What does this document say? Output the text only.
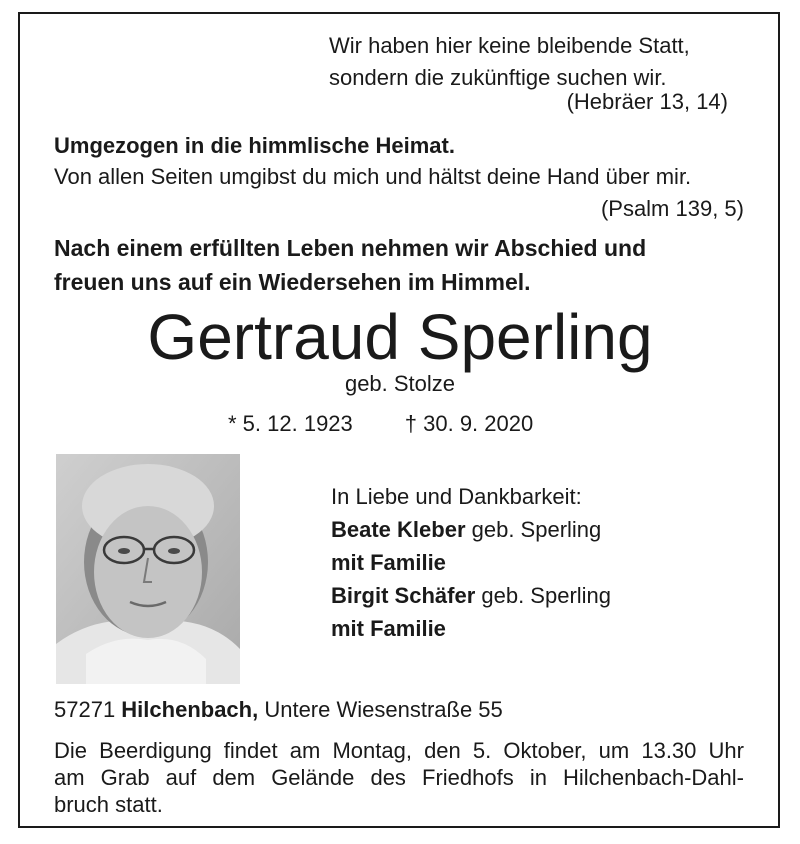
Wir haben hier keine bleibende Statt,
sondern die zukünftige suchen wir.
(Hebräer 13, 14)
Umgezogen in die himmlische Heimat.
Von allen Seiten umgibst du mich und hältst deine Hand über mir.
(Psalm 139, 5)
Nach einem erfüllten Leben nehmen wir Abschied und
freuen uns auf ein Wiedersehen im Himmel.
Gertraud Sperling
geb. Stolze
* 5. 12. 1923 † 30. 9. 2020
In Liebe und Dankbarkeit:
Beate Kleber geb. Sperling
mit Familie
Birgit Schäfer geb. Sperling
mit Familie
57271 Hilchenbach, Untere Wiesenstraße 55
Die Beerdigung findet am Montag, den 5. Oktober, um 13.30 Uhr
am Grab auf dem Gelände des Friedhofs in Hilchenbach-Dahl-
bruch statt.
